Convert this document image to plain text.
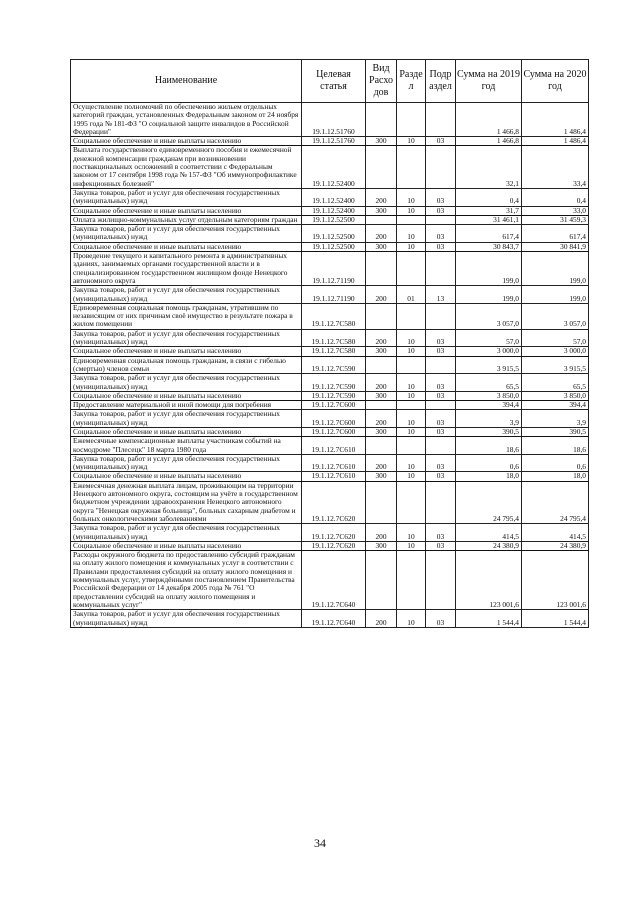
Наименование	Целевая статья	Вид Расхо дов	Разде л	Подр аздел	Сумма на 2019 год	Сумма на 2020 год
Осуществление полномочий по обеспечению жильем отдельных категорий граждан, установленных Федеральным законом от 24 ноября 1995 года № 181-ФЗ "О социальной защите инвалидов в Российской Федерации"	19.1.12.51760				1 466,8	1 486,4
Социальное обеспечение и иные выплаты населению	19.1.12.51760	300	10	03	1 466,8	1 486,4
Выплата государственного единовременного пособия и ежемесячной денежной компенсации гражданам при возникновении поствакцинальных осложнений в соответствии с Федеральным законом от 17 сентября 1998 года № 157-ФЗ "Об иммунопрофилактике инфекционных болезней"	19.1.12.52400				32,1	33,4
Закупка товаров, работ и услуг для обеспечения государственных (муниципальных) нужд	19.1.12.52400	200	10	03	0,4	0,4
Социальное обеспечение и иные выплаты населению	19.1.12.52400	300	10	03	31,7	33,0
Оплата жилищно-коммунальных услуг отдельным категориям граждан	19.1.12.52500				31 461,1	31 459,3
Закупка товаров, работ и услуг для обеспечения государственных (муниципальных) нужд	19.1.12.52500	200	10	03	617,4	617,4
Социальное обеспечение и иные выплаты населению	19.1.12.52500	300	10	03	30 843,7	30 841,9
Проведение текущего и капитального ремонта в административных зданиях, занимаемых органами государственной власти и в специализированном государственном жилищном фонде Ненецкого автономного округа	19.1.12.71190				199,0	199,0
Закупка товаров, работ и услуг для обеспечения государственных (муниципальных) нужд	19.1.12.71190	200	01	13	199,0	199,0
Единовременная социальная помощь гражданам, утратившим по независящим от них причинам своё имущество в результате пожара в жилом помещении	19.1.12.7C580				3 057,0	3 057,0
Закупка товаров, работ и услуг для обеспечения государственных (муниципальных) нужд	19.1.12.7C580	200	10	03	57,0	57,0
Социальное обеспечение и иные выплаты населению	19.1.12.7C580	300	10	03	3 000,0	3 000,0
Единовременная социальная помощь гражданам, в связи с гибелью (смертью) членов семьи	19.1.12.7C590				3 915,5	3 915,5
Закупка товаров, работ и услуг для обеспечения государственных (муниципальных) нужд	19.1.12.7C590	200	10	03	65,5	65,5
Социальное обеспечение и иные выплаты населению	19.1.12.7C590	300	10	03	3 850,0	3 850,0
Предоставление материальной и иной помощи для погребения	19.1.12.7C600				394,4	394,4
Закупка товаров, работ и услуг для обеспечения государственных (муниципальных) нужд	19.1.12.7C600	200	10	03	3,9	3,9
Социальное обеспечение и иные выплаты населению	19.1.12.7C600	300	10	03	390,5	390,5
Ежемесячные компенсационные выплаты участникам событий на космодроме "Плесецк" 18 марта 1980 года	19.1.12.7C610				18,6	18,6
Закупка товаров, работ и услуг для обеспечения государственных (муниципальных) нужд	19.1.12.7C610	200	10	03	0,6	0,6
Социальное обеспечение и иные выплаты населению	19.1.12.7C610	300	10	03	18,0	18,0
Ежемесячная денежная выплата лицам, проживающим на территории Ненецкого автономного округа, состоящим на учёте в государственном бюджетном учреждении здравоохранения Ненецкого автономного округа "Ненецкая окружная больница", больных сахарным диабетом и больных онкологическими заболеваниями	19.1.12.7C620				24 795,4	24 795,4
Закупка товаров, работ и услуг для обеспечения государственных (муниципальных) нужд	19.1.12.7C620	200	10	03	414,5	414,5
Социальное обеспечение и иные выплаты населению	19.1.12.7C620	300	10	03	24 380,9	24 380,9
Расходы окружного бюджета по предоставлению субсидий гражданам на оплату жилого помещения и коммунальных услуг в соответствии с Правилами предоставления субсидий на оплату жилого помещения и коммунальных услуг, утверждёнными постановлением Правительства Российской Федерации от 14 декабря 2005 года № 761 "О предоставлении субсидий на оплату жилого помещения и коммунальных услуг"	19.1.12.7C640				123 001,6	123 001,6
Закупка товаров, работ и услуг для обеспечения государственных (муниципальных) нужд	19.1.12.7C640	200	10	03	1 544,4	1 544,4
34
